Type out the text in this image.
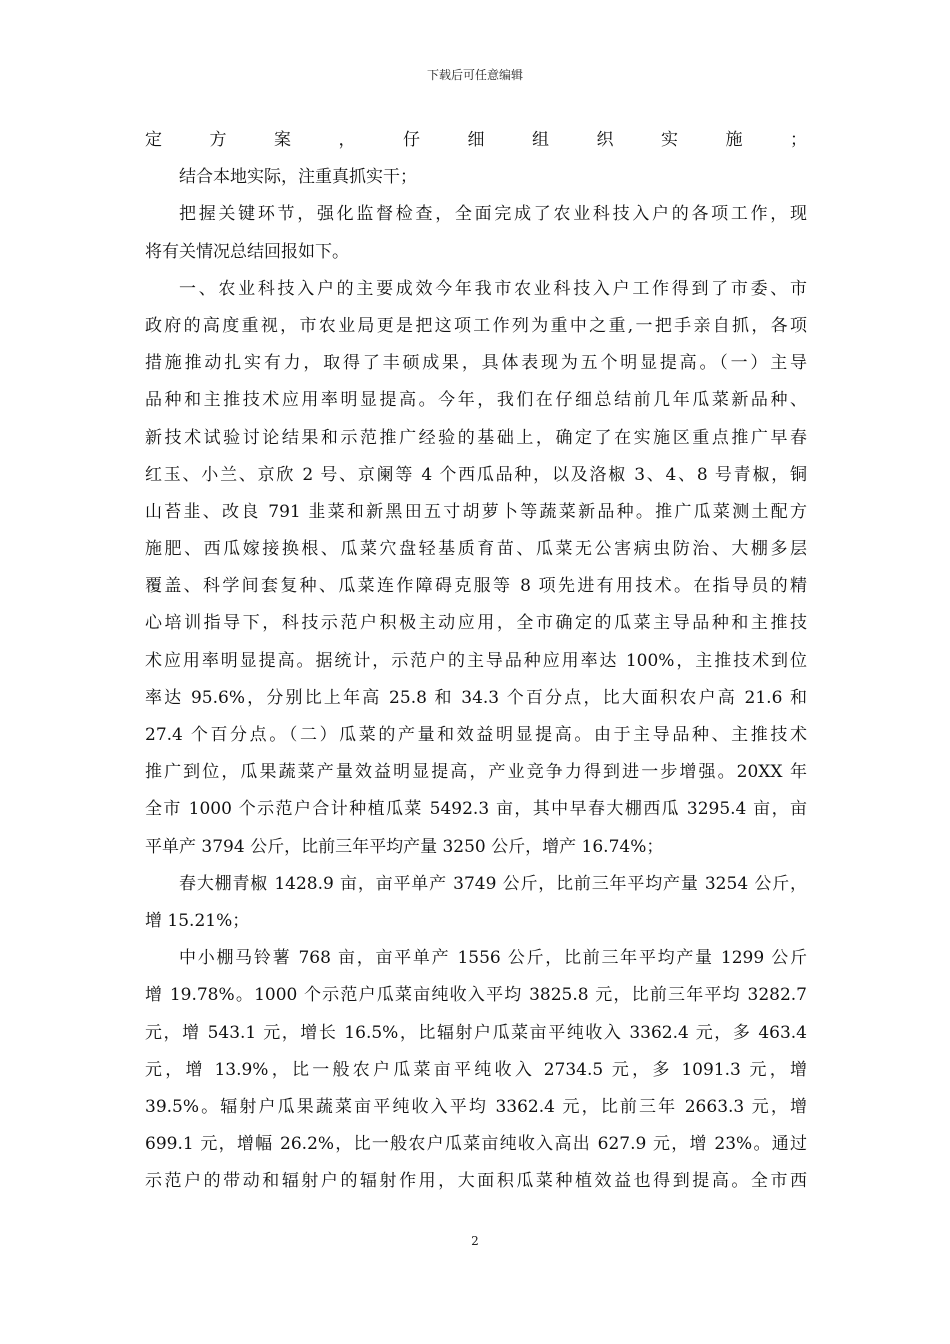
下载后可任意编辑
定方案，仔细组织实施；
结合本地实际，注重真抓实干；
把握关键环节，强化监督检查，全面完成了农业科技入户的各项工作，现
将有关情况总结回报如下。
一、农业科技入户的主要成效今年我市农业科技入户工作得到了市委、市
政府的高度重视，市农业局更是把这项工作列为重中之重,一把手亲自抓，各项
措施推动扎实有力，取得了丰硕成果，具体表现为五个明显提高。（一）主导
品种和主推技术应用率明显提高。今年，我们在仔细总结前几年瓜菜新品种、
新技术试验讨论结果和示范推广经验的基础上，确定了在实施区重点推广早春
红玉、小兰、京欣 2 号、京阑等 4 个西瓜品种，以及洛椒 3、4、8 号青椒，铜
山苔韭、改良 791 韭菜和新黑田五寸胡萝卜等蔬菜新品种。推广瓜菜测土配方
施肥、西瓜嫁接换根、瓜菜穴盘轻基质育苗、瓜菜无公害病虫防治、大棚多层
覆盖、科学间套复种、瓜菜连作障碍克服等 8 项先进有用技术。在指导员的精
心培训指导下，科技示范户积极主动应用，全市确定的瓜菜主导品种和主推技
术应用率明显提高。据统计，示范户的主导品种应用率达 100%，主推技术到位
率达 95.6%，分别比上年高 25.8 和 34.3 个百分点，比大面积农户高 21.6 和
27.4 个百分点。（二）瓜菜的产量和效益明显提高。由于主导品种、主推技术
推广到位，瓜果蔬菜产量效益明显提高，产业竞争力得到进一步增强。20XX 年
全市 1000 个示范户合计种植瓜菜 5492.3 亩，其中早春大棚西瓜 3295.4 亩，亩
平单产 3794 公斤，比前三年平均产量 3250 公斤，增产 16.74%；
春大棚青椒 1428.9 亩，亩平单产 3749 公斤，比前三年平均产量 3254 公斤，
增 15.21%；
中小棚马铃薯 768 亩，亩平单产 1556 公斤，比前三年平均产量 1299 公斤
增 19.78%。1000 个示范户瓜菜亩纯收入平均 3825.8 元，比前三年平均 3282.7
元，增 543.1 元，增长 16.5%，比辐射户瓜菜亩平纯收入 3362.4 元，多 463.4
元，增 13.9%，比一般农户瓜菜亩平纯收入 2734.5 元，多 1091.3 元，增
39.5%。辐射户瓜果蔬菜亩平纯收入平均 3362.4 元，比前三年 2663.3 元，增
699.1 元，增幅 26.2%，比一般农户瓜菜亩纯收入高出 627.9 元，增 23%。通过
示范户的带动和辐射户的辐射作用，大面积瓜菜种植效益也得到提高。全市西
2
